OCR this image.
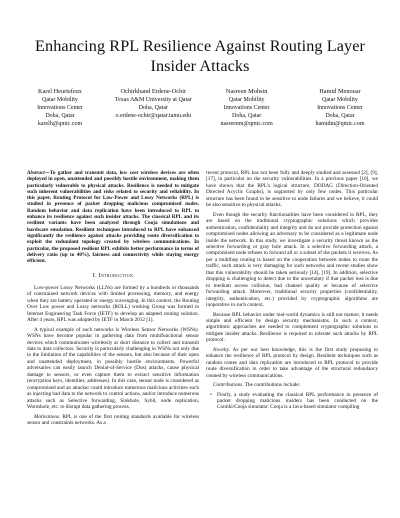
Enhancing RPL Resilience Against Routing Layer
Insider Attacks
Karel Heurtefeux
Qatar Mobility
Innovations Center
Doha, Qatar
karelh@qmic.com
Ochirkhand Erdene-Ochir
Texas A&M University at Qatar
Doha, Qatar
o.erdene-ochir@qatar.tamu.edu
Nasreen Mohsin
Qatar Mobility
Innovations Center
Doha, Qatar
nasreenm@qmic.com
Hamid Menouar
Qatar Mobility
Innovations Center
Doha, Qatar
hamidm@qmic.com

Abstract—To gather and transmit data, low cost wireless devices are often deployed in open, unattended and possibly hostile environment, making them particularly vulnerable to physical attacks. Resilience is needed to mitigate such inherent vulnerabilities and risks related to security and reliability. In this paper, Routing Protocol for Low-Power and Lossy Networks (RPL) is studied in presence of packet dropping malicious compromised nodes. Random behavior and data replication have been introduced to RPL to enhance its resilience against such insider attacks. The classical RPL and its resilient variants have been analyzed through Cooja simulations and hardware emulation. Resilient techniques introduced to RPL have enhanced significantly the resilience against attacks providing route diversification to exploit the redundant topology created by wireless communications. In particular, the proposed resilient RPL exhibits better performance in terms of delivery ratio (up to 40%), fairness and connectivity while staying energy efficient.

I. Introduction

Low-power Lossy Networks (LLNs) are formed by a hundreds or thousands of constrained network devices with limited processing, memory, and energy when they are battery operated or energy scavenging. In this context, the Routing Over Low power and Lossy networks (ROLL) working Group was formed in Internet Engineering Task Force (IETF) to develop an adapted routing solution. After 4 years, RPL was adopted by IETF in March 2012 [1].

A typical example of such networks is Wireless Sensor Networks (WSNs). WSNs have become popular in gathering data from multifunctional sensor devices which communicates wirelessly at short distance to collect and transmit data to data collectors. Security is particularly challenging in WSNs not only due to the limitation of the capabilities of the sensors, but also because of their open and unattended deployment, in possibly hostile environments. Powerful adversaries can easily launch Denial-of-Service (Dos) attacks, cause physical damage to sensors, or even capture them to extract sensitive information (encryption keys, identities, addresses). In this case, sensor node is considered as compromised and an attacker could introduce numerous malicious activities such as injecting bad data to the network to control actions, and/or introduce numerous attacks such as Selective forwarding, Sinkhole, Sybil, node replication, Wormhole, etc. to disrupt data gathering process.

Motivations. RPL is one of the first routing standards available for wireless sensor and constraints networks. As a

recent protocol, RPL has not been fully and deeply studied and assessed [2], [9], [17], in particular on the security vulnerabilities. In a previous paper [10], we have shown that the RPL's logical structure, DODAG (Direction-Oriented Directed Acyclic Graphs), is supported by only few nodes. This particular structure has been found to be sensitive to node failures and we believe, it could be also sensitive to physical attacks.

Even though the security functionalities have been considered in RPL, they are based on the traditional cryptographic solutions which provides authentication, confidentiality and integrity and do not provide protection against compromised nodes allowing an adversary to be considered as a legitimate node inside the network. In this study, we investigate a security threat known as the selective forwarding or gray hole attack. In a selective forwarding attack, a compromised node refuses to forward all or a subset of the packets it receives. As per a multihop routing is based on the cooperation between nodes to route the traffic, such attack is very damaging for such networks and recent studies show that this vulnerability should be taken seriously [14], [19]. In addition, selective dropping is challenging to detect due to the uncertainty if that packet loss is due to medium access collision, bad channel quality or because of selective forwarding attack. Moreover, traditional security properties (confidentiality, integrity, authentication, etc.) provided by cryptographic algorithms are inoperative in such context.

Because RPL behavior under real-world dynamics is still not mature, it needs simple and efficient by design security mechanisms. In such a context, algorithmic approaches are needed to complement cryptographic solutions to mitigate insider attacks. Resilience is required to tolerate such attacks by RPL protocol.

Novelty. As per our best knowledge, this is the first study proposing to enhance the resilience of RPL protocol by design. Resilient techniques such as random routes and data replication are introduced to RPL protocol to provide route diversification in order to take advantage of the structural redundancy created by wireless communications.

Contributions. The contributions include:

• Firstly, a study evaluating the classical RPL performance in presence of packet dropping malicious insiders has been conducted on the Contiki/Cooja simulator. Cooja is a Java-based simulator compiling
